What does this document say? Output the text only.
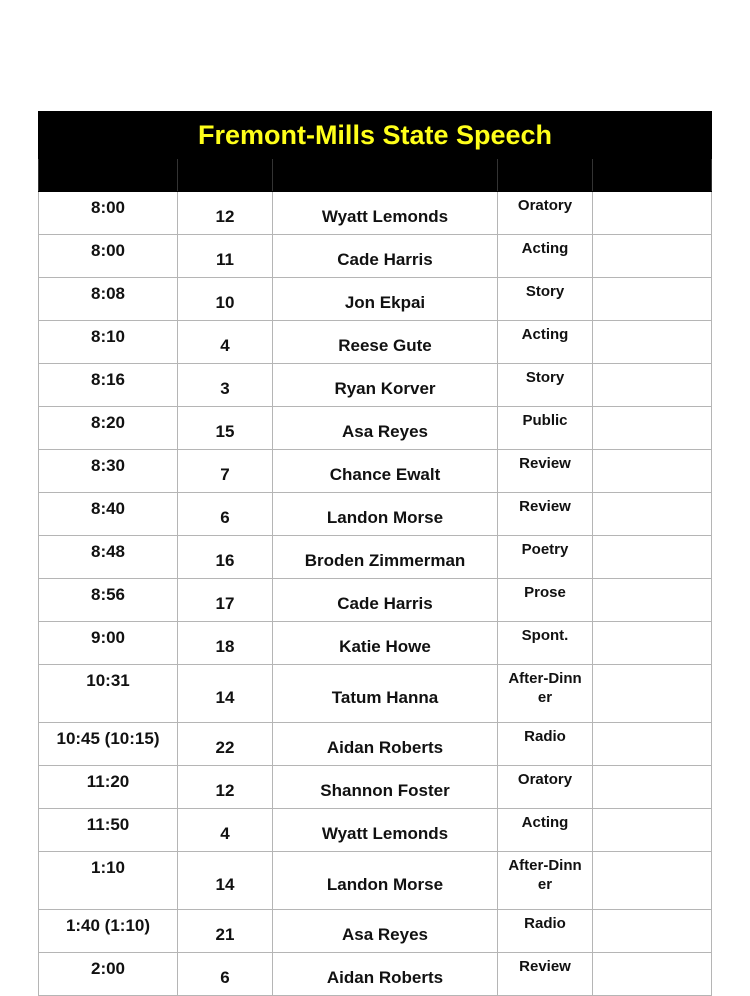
Fremont-Mills State Speech				

8:00	12	Wyatt Lemonds	Oratory	

8:00	11	Cade Harris	Acting	

8:08	10	Jon Ekpai	Story	

8:10	4	Reese Gute	Acting	

8:16	3	Ryan Korver	Story	

8:20	15	Asa Reyes	Public	

8:30	7	Chance Ewalt	Review	

8:40	6	Landon Morse	Review	

8:48	16	Broden Zimmerman	Poetry	

8:56	17	Cade Harris	Prose	

9:00	18	Katie Howe	Spont.	

10:31	14	Tatum Hanna	After-Dinner	

10:45 (10:15)	22	Aidan Roberts	Radio	

11:20	12	Shannon Foster	Oratory	

11:50	4	Wyatt Lemonds	Acting	

1:10	14	Landon Morse	After-Dinner	

1:40 (1:10)	21	Asa Reyes	Radio	

2:00	6	Aidan Roberts	Review	
